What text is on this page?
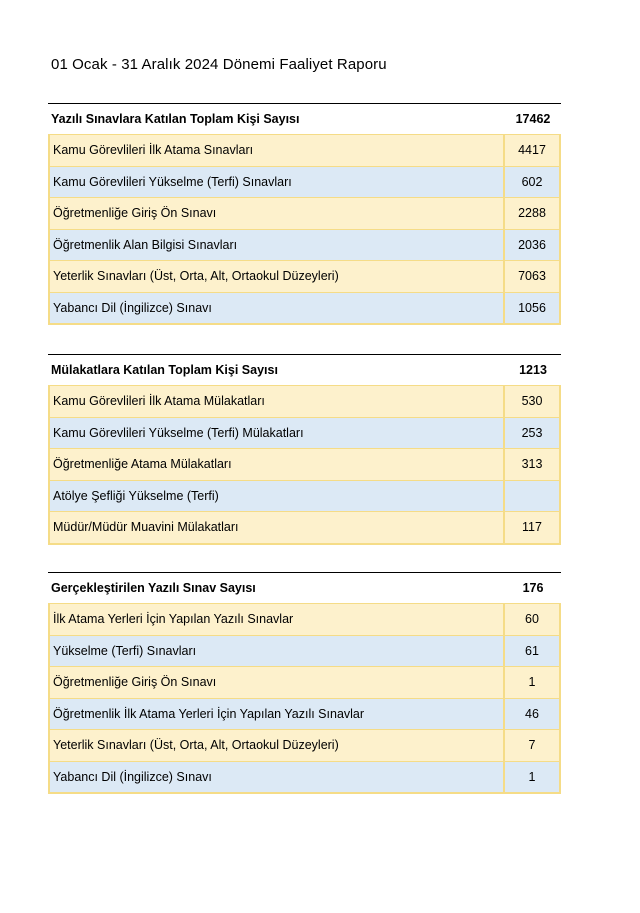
01 Ocak - 31 Aralık 2024 Dönemi Faaliyet Raporu
Yazılı Sınavlara Katılan Toplam Kişi Sayısı	17462
Kamu Görevlileri İlk Atama Sınavları	4417
Kamu Görevlileri Yükselme (Terfi) Sınavları	602
Öğretmenliğe Giriş Ön Sınavı	2288
Öğretmenlik Alan Bilgisi Sınavları	2036
Yeterlik Sınavları (Üst, Orta, Alt, Ortaokul Düzeyleri)	7063
Yabancı Dil (İngilizce) Sınavı	1056
Mülakatlara Katılan Toplam Kişi Sayısı	1213
Kamu Görevlileri İlk Atama Mülakatları	530
Kamu Görevlileri Yükselme (Terfi) Mülakatları	253
Öğretmenliğe Atama Mülakatları	313
Atölye Şefliği Yükselme (Terfi)
Müdür/Müdür Muavini Mülakatları	117
Gerçekleştirilen Yazılı Sınav Sayısı	176
İlk Atama Yerleri İçin Yapılan Yazılı Sınavlar	60
Yükselme (Terfi) Sınavları	61
Öğretmenliğe Giriş Ön Sınavı	1
Öğretmenlik İlk Atama Yerleri İçin Yapılan Yazılı Sınavlar	46
Yeterlik Sınavları (Üst, Orta, Alt, Ortaokul Düzeyleri)	7
Yabancı Dil (İngilizce) Sınavı	1
